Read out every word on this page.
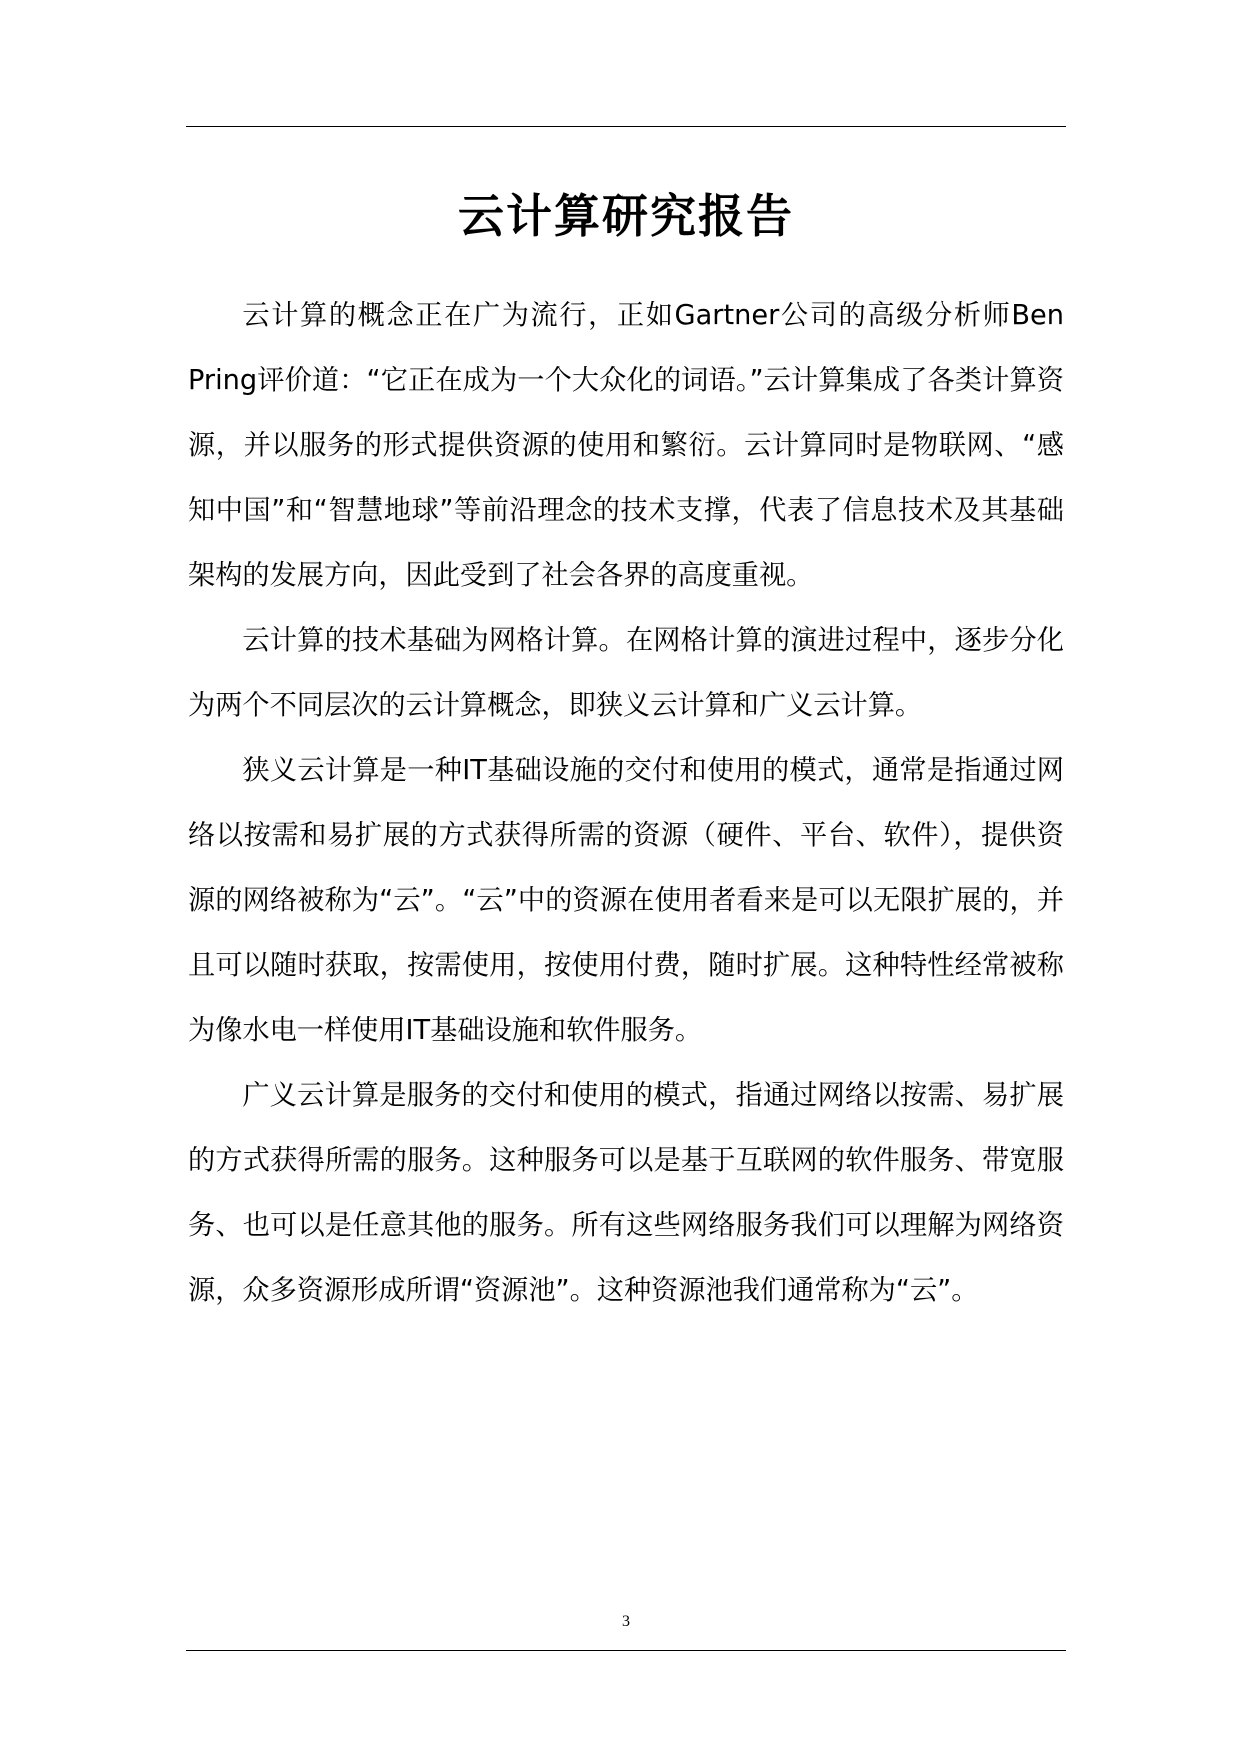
云计算研究报告

云计算的概念正在广为流行，正如Gartner公司的高级分析师Ben Pring评价道：“它正在成为一个大众化的词语。”云计算集成了各类计算资源，并以服务的形式提供资源的使用和繁衍。云计算同时是物联网、“感知中国”和“智慧地球”等前沿理念的技术支撑，代表了信息技术及其基础架构的发展方向，因此受到了社会各界的高度重视。

云计算的技术基础为网格计算。在网格计算的演进过程中，逐步分化为两个不同层次的云计算概念，即狭义云计算和广义云计算。

狭义云计算是一种IT基础设施的交付和使用的模式，通常是指通过网络以按需和易扩展的方式获得所需的资源（硬件、平台、软件），提供资源的网络被称为“云”。“云”中的资源在使用者看来是可以无限扩展的，并且可以随时获取，按需使用，按使用付费，随时扩展。这种特性经常被称为像水电一样使用IT基础设施和软件服务。

广义云计算是服务的交付和使用的模式，指通过网络以按需、易扩展的方式获得所需的服务。这种服务可以是基于互联网的软件服务、带宽服务、也可以是任意其他的服务。所有这些网络服务我们可以理解为网络资源，众多资源形成所谓“资源池”。这种资源池我们通常称为“云”。

3
